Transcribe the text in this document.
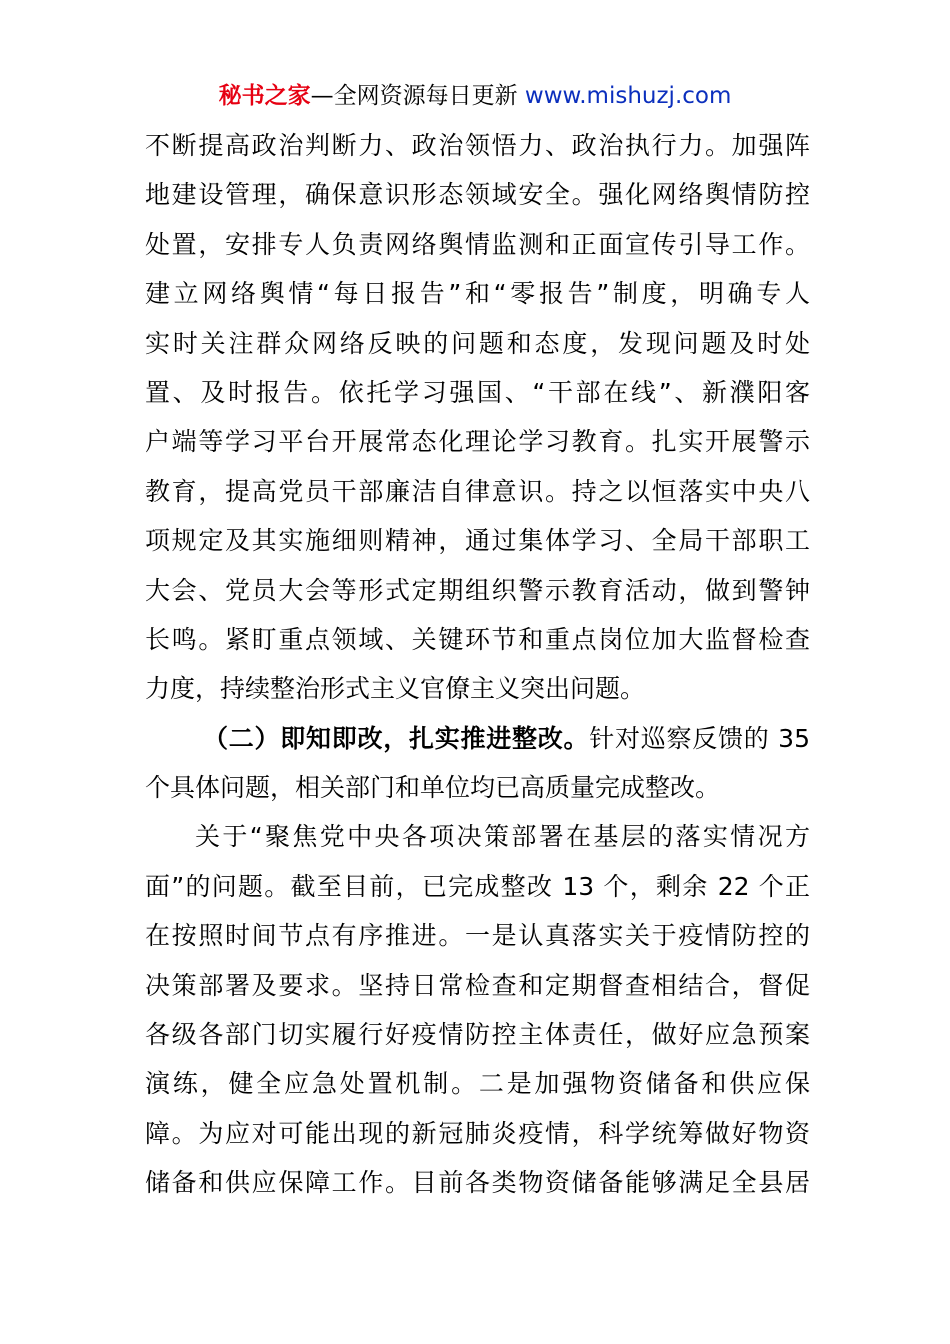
秘书之家—全网资源每日更新 www.mishuzj.com
不断提高政治判断力、政治领悟力、政治执行力。加强阵
地建设管理，确保意识形态领域安全。强化网络舆情防控
处置，安排专人负责网络舆情监测和正面宣传引导工作。
建立网络舆情“每日报告”和“零报告”制度，明确专人
实时关注群众网络反映的问题和态度，发现问题及时处
置、及时报告。依托学习强国、“干部在线”、新濮阳客
户端等学习平台开展常态化理论学习教育。扎实开展警示
教育，提高党员干部廉洁自律意识。持之以恒落实中央八
项规定及其实施细则精神，通过集体学习、全局干部职工
大会、党员大会等形式定期组织警示教育活动，做到警钟
长鸣。紧盯重点领域、关键环节和重点岗位加大监督检查
力度，持续整治形式主义官僚主义突出问题。
（二）即知即改，扎实推进整改。针对巡察反馈的 35
个具体问题，相关部门和单位均已高质量完成整改。
关于“聚焦党中央各项决策部署在基层的落实情况方
面”的问题。截至目前，已完成整改 13 个，剩余 22 个正
在按照时间节点有序推进。一是认真落实关于疫情防控的
决策部署及要求。坚持日常检查和定期督查相结合，督促
各级各部门切实履行好疫情防控主体责任，做好应急预案
演练，健全应急处置机制。二是加强物资储备和供应保
障。为应对可能出现的新冠肺炎疫情，科学统筹做好物资
储备和供应保障工作。目前各类物资储备能够满足全县居
